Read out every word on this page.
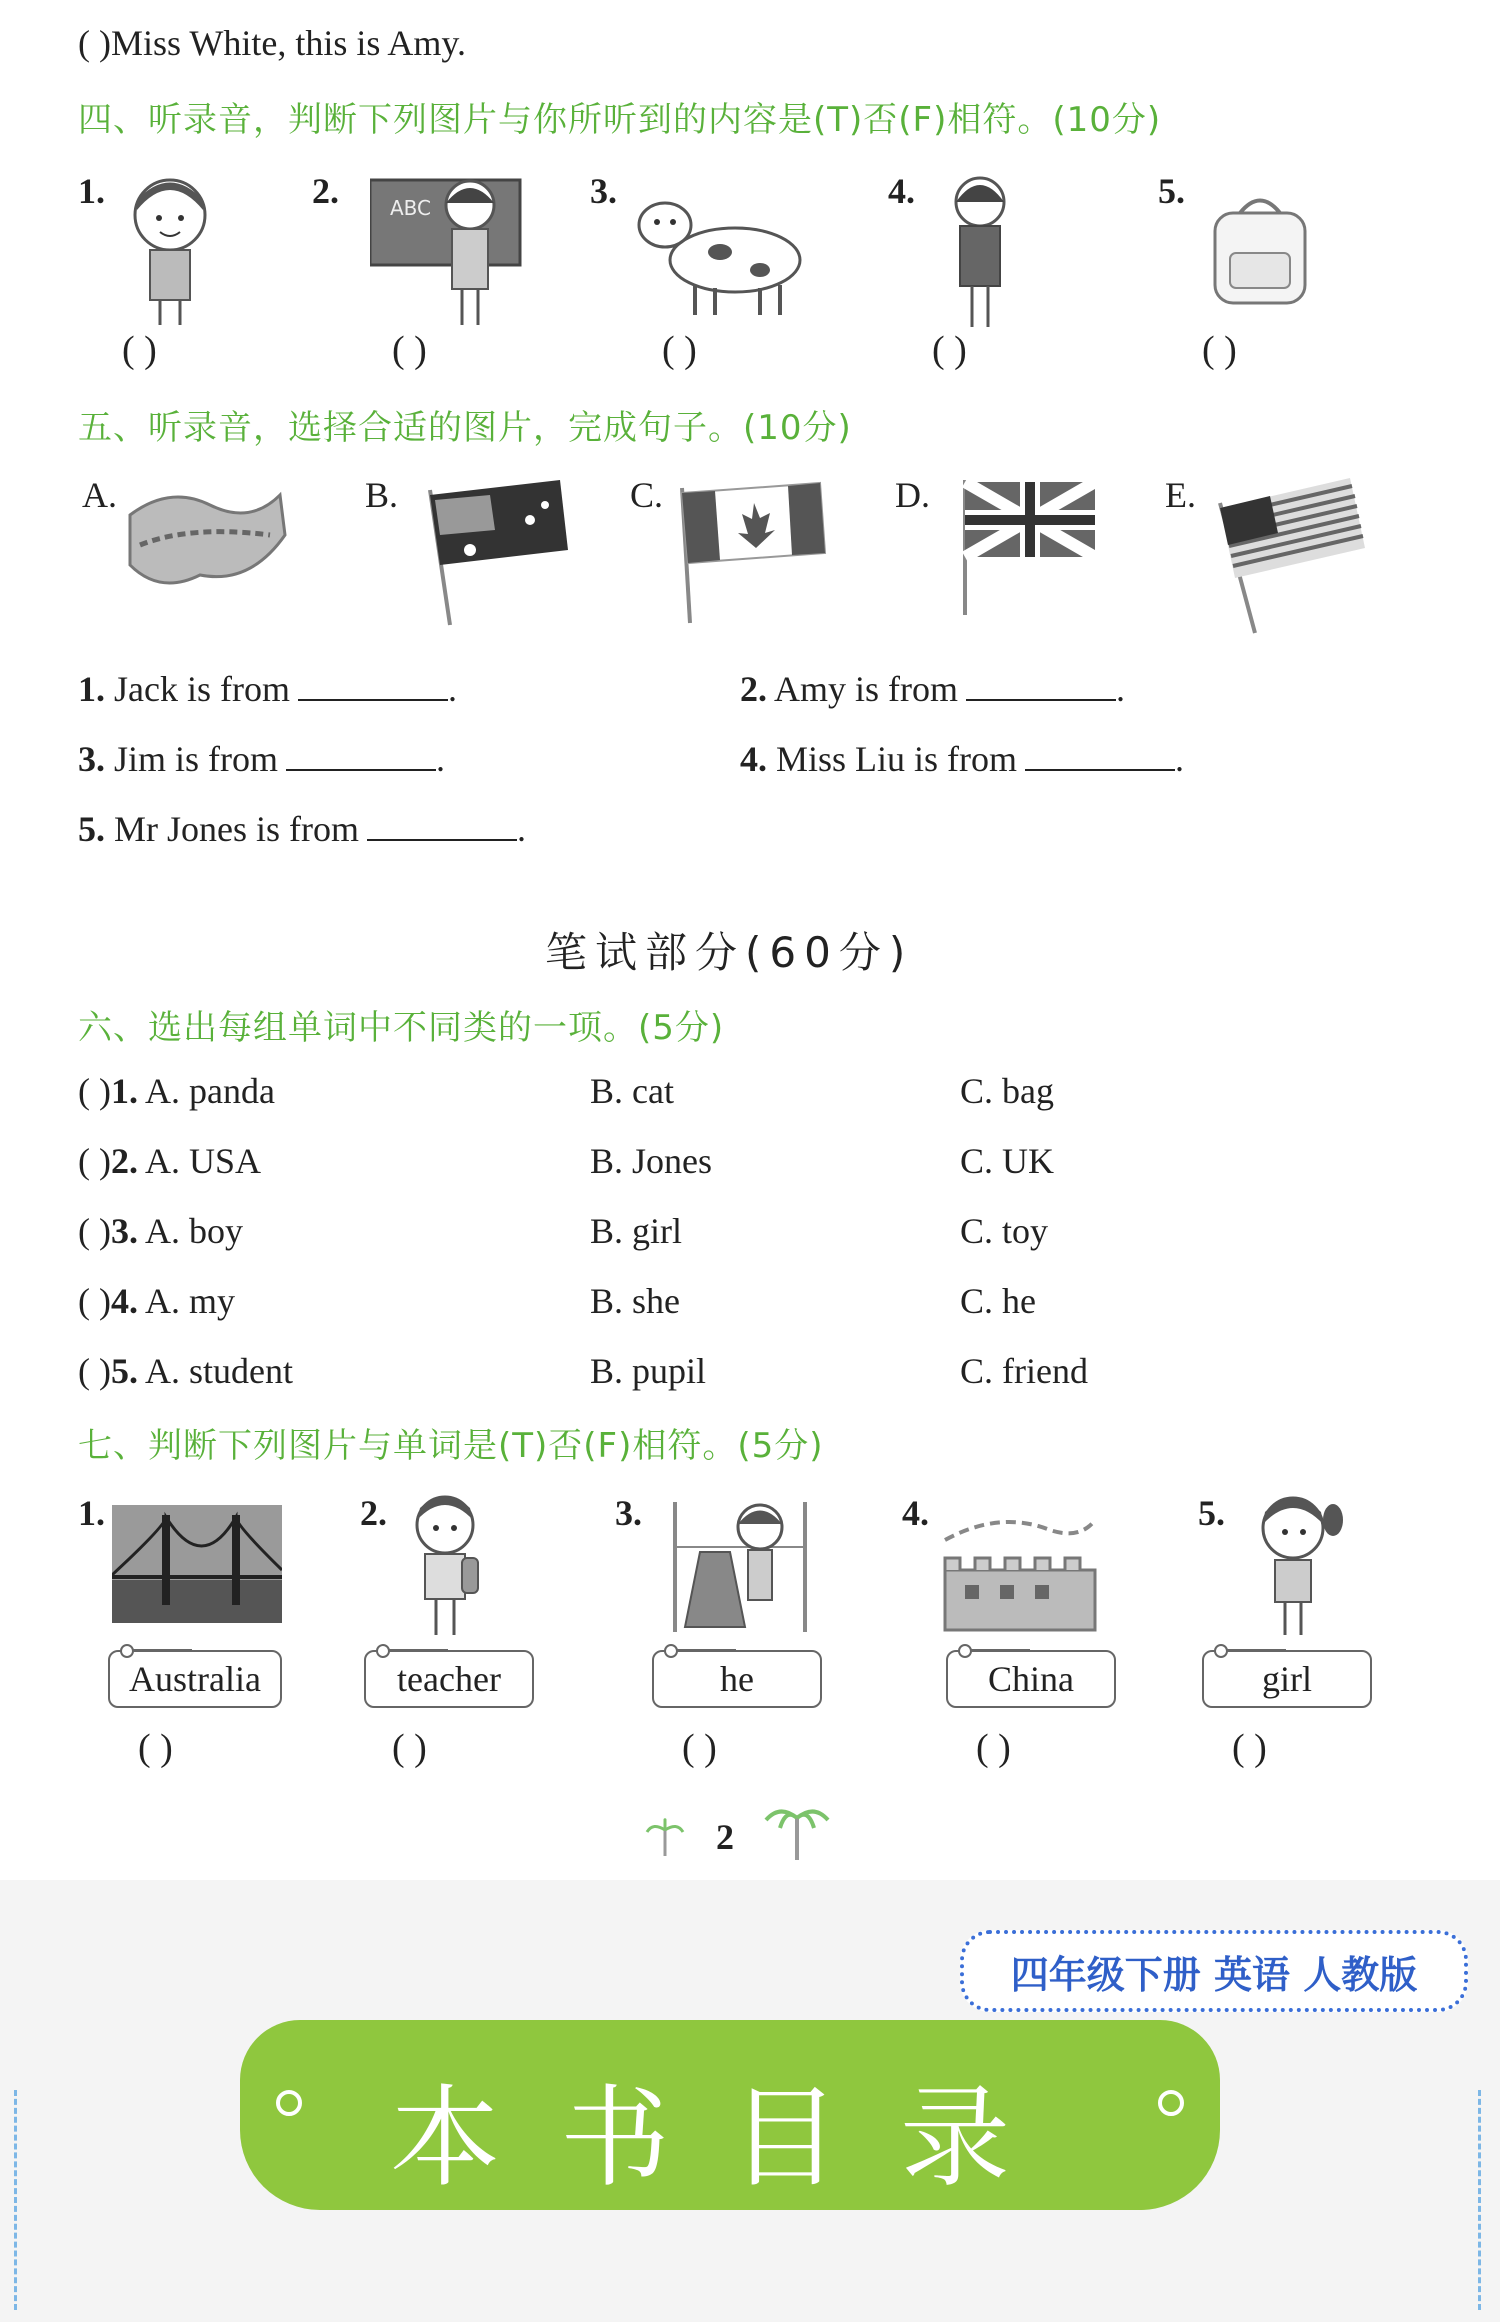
( )Miss White, this is Amy.
四、听录音，判断下列图片与你所听到的内容是(T)否(F)相符。(10分)
1.
( )
2.	ABC
( )
3.
( )
4.
( )
5.
( )
五、听录音，选择合适的图片，完成句子。(10分)
A.	B.	C.	D.	E.
1. Jack is from	.	2. Amy is from	.
3. Jim is from	.	4. Miss Liu is from	.
5. Mr Jones is from	.
笔试部分(60分)
六、选出每组单词中不同类的一项。(5分)
( )1. A. panda	B. cat	C. bag
( )2. A. USA	B. Jones	C. UK
( )3. A. boy	B. girl	C. toy
( )4. A. my	B. she	C. he
( )5. A. student	B. pupil	C. friend
七、判断下列图片与单词是(T)否(F)相符。(5分)
1.
Australia
( )
2.
teacher
( )
3.
he
( )
4.
China
( )
5.
girl
( )
2
四年级下册 英语 人教版
本书目录
